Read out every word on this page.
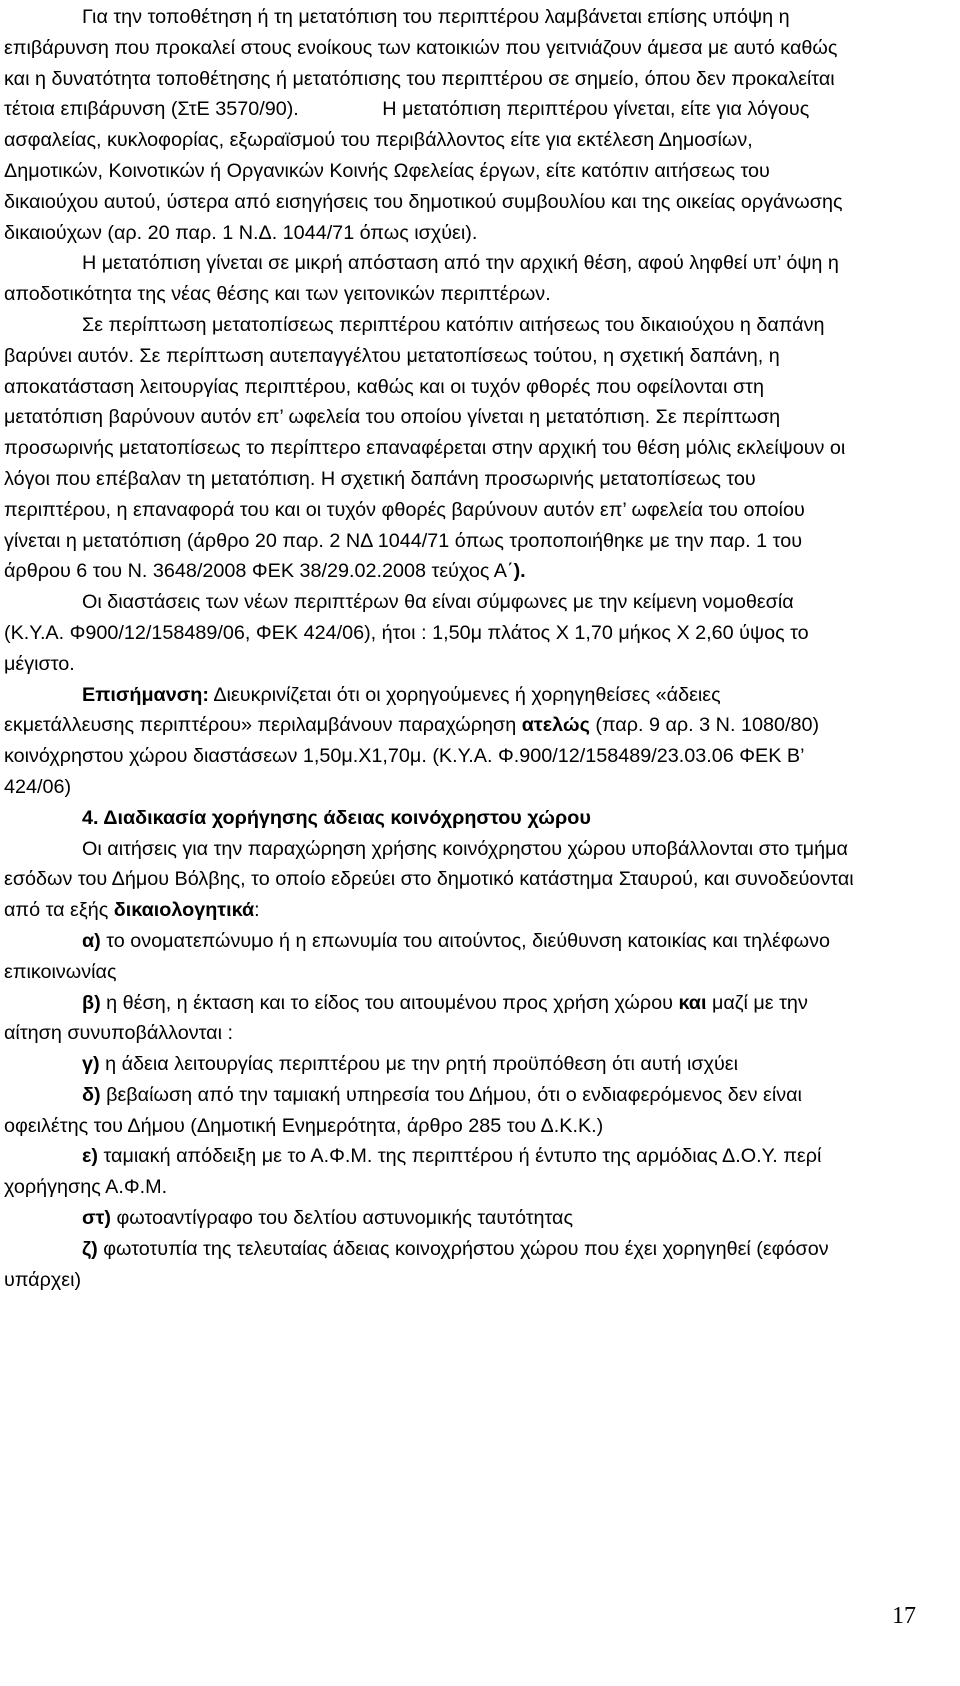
Για την τοποθέτηση ή τη μετατόπιση του περιπτέρου λαμβάνεται επίσης υπόψη η επιβάρυνση που προκαλεί στους ενοίκους των κατοικιών που γειτνιάζουν άμεσα με αυτό καθώς και η δυνατότητα τοποθέτησης ή μετατόπισης του περιπτέρου σε σημείο, όπου δεν προκαλείται τέτοια επιβάρυνση (ΣτΕ 3570/90).	Η μετατόπιση περιπτέρου γίνεται, είτε για λόγους ασφαλείας, κυκλοφορίας, εξωραϊσμού του περιβάλλοντος είτε για εκτέλεση Δημοσίων, Δημοτικών, Κοινοτικών ή Οργανικών Κοινής Ωφελείας έργων, είτε κατόπιν αιτήσεως του δικαιούχου αυτού, ύστερα από εισηγήσεις του δημοτικού συμβουλίου και της οικείας οργάνωσης δικαιούχων (αρ. 20 παρ. 1 Ν.Δ. 1044/71 όπως ισχύει).

Η μετατόπιση γίνεται σε μικρή απόσταση από την αρχική θέση, αφού ληφθεί υπ’ όψη η αποδοτικότητα της νέας θέσης και των γειτονικών περιπτέρων.

Σε περίπτωση μετατοπίσεως περιπτέρου κατόπιν αιτήσεως του δικαιούχου η δαπάνη βαρύνει αυτόν. Σε περίπτωση αυτεπαγγέλτου μετατοπίσεως τούτου, η σχετική δαπάνη, η αποκατάσταση λειτουργίας περιπτέρου, καθώς και οι τυχόν φθορές που οφείλονται στη μετατόπιση βαρύνουν αυτόν επ’ ωφελεία του οποίου γίνεται η μετατόπιση. Σε περίπτωση προσωρινής μετατοπίσεως το περίπτερο επαναφέρεται στην αρχική του θέση μόλις εκλείψουν οι λόγοι που επέβαλαν τη μετατόπιση. Η σχετική δαπάνη προσωρινής μετατοπίσεως του περιπτέρου, η επαναφορά του και οι τυχόν φθορές βαρύνουν αυτόν επ’ ωφελεία του οποίου γίνεται η μετατόπιση (άρθρο 20 παρ. 2 ΝΔ 1044/71 όπως τροποποιήθηκε με την παρ. 1 του άρθρου 6 του Ν. 3648/2008 ΦΕΚ 38/29.02.2008 τεύχος Α΄).

Οι διαστάσεις των νέων περιπτέρων θα είναι σύμφωνες με την κείμενη νομοθεσία (Κ.Υ.Α. Φ900/12/158489/06, ΦΕΚ 424/06), ήτοι : 1,50μ πλάτος Χ 1,70 μήκος Χ 2,60 ύψος το μέγιστο.

Επισήμανση: Διευκρινίζεται ότι οι χορηγούμενες ή χορηγηθείσες «άδειες εκμετάλλευσης περιπτέρου» περιλαμβάνουν παραχώρηση ατελώς (παρ. 9 αρ. 3 Ν. 1080/80) κοινόχρηστου χώρου διαστάσεων 1,50μ.Χ1,70μ. (Κ.Υ.Α. Φ.900/12/158489/23.03.06 ΦΕΚ Β’ 424/06)

4. Διαδικασία χορήγησης άδειας κοινόχρηστου χώρου

Οι αιτήσεις για την παραχώρηση χρήσης κοινόχρηστου χώρου υποβάλλονται στο τμήμα εσόδων του Δήμου Βόλβης, το οποίο εδρεύει στο δημοτικό κατάστημα Σταυρού, και συνοδεύονται από τα εξής δικαιολογητικά:

α) το ονοματεπώνυμο ή η επωνυμία του αιτούντος, διεύθυνση κατοικίας και τηλέφωνο επικοινωνίας

β) η θέση, η έκταση και το είδος του αιτουμένου προς χρήση χώρου και μαζί με την αίτηση συνυποβάλλονται :

γ) η άδεια λειτουργίας περιπτέρου με την ρητή προϋπόθεση ότι αυτή ισχύει

δ) βεβαίωση από την ταμιακή υπηρεσία του Δήμου, ότι ο ενδιαφερόμενος δεν είναι οφειλέτης του Δήμου (Δημοτική Ενημερότητα, άρθρο 285 του Δ.Κ.Κ.)

ε) ταμιακή απόδειξη με το Α.Φ.Μ. της περιπτέρου ή έντυπο της αρμόδιας Δ.Ο.Υ. περί χορήγησης Α.Φ.Μ.

στ) φωτοαντίγραφο του δελτίου αστυνομικής ταυτότητας

ζ) φωτοτυπία της τελευταίας άδειας κοινοχρήστου χώρου που έχει χορηγηθεί (εφόσον υπάρχει)

17
